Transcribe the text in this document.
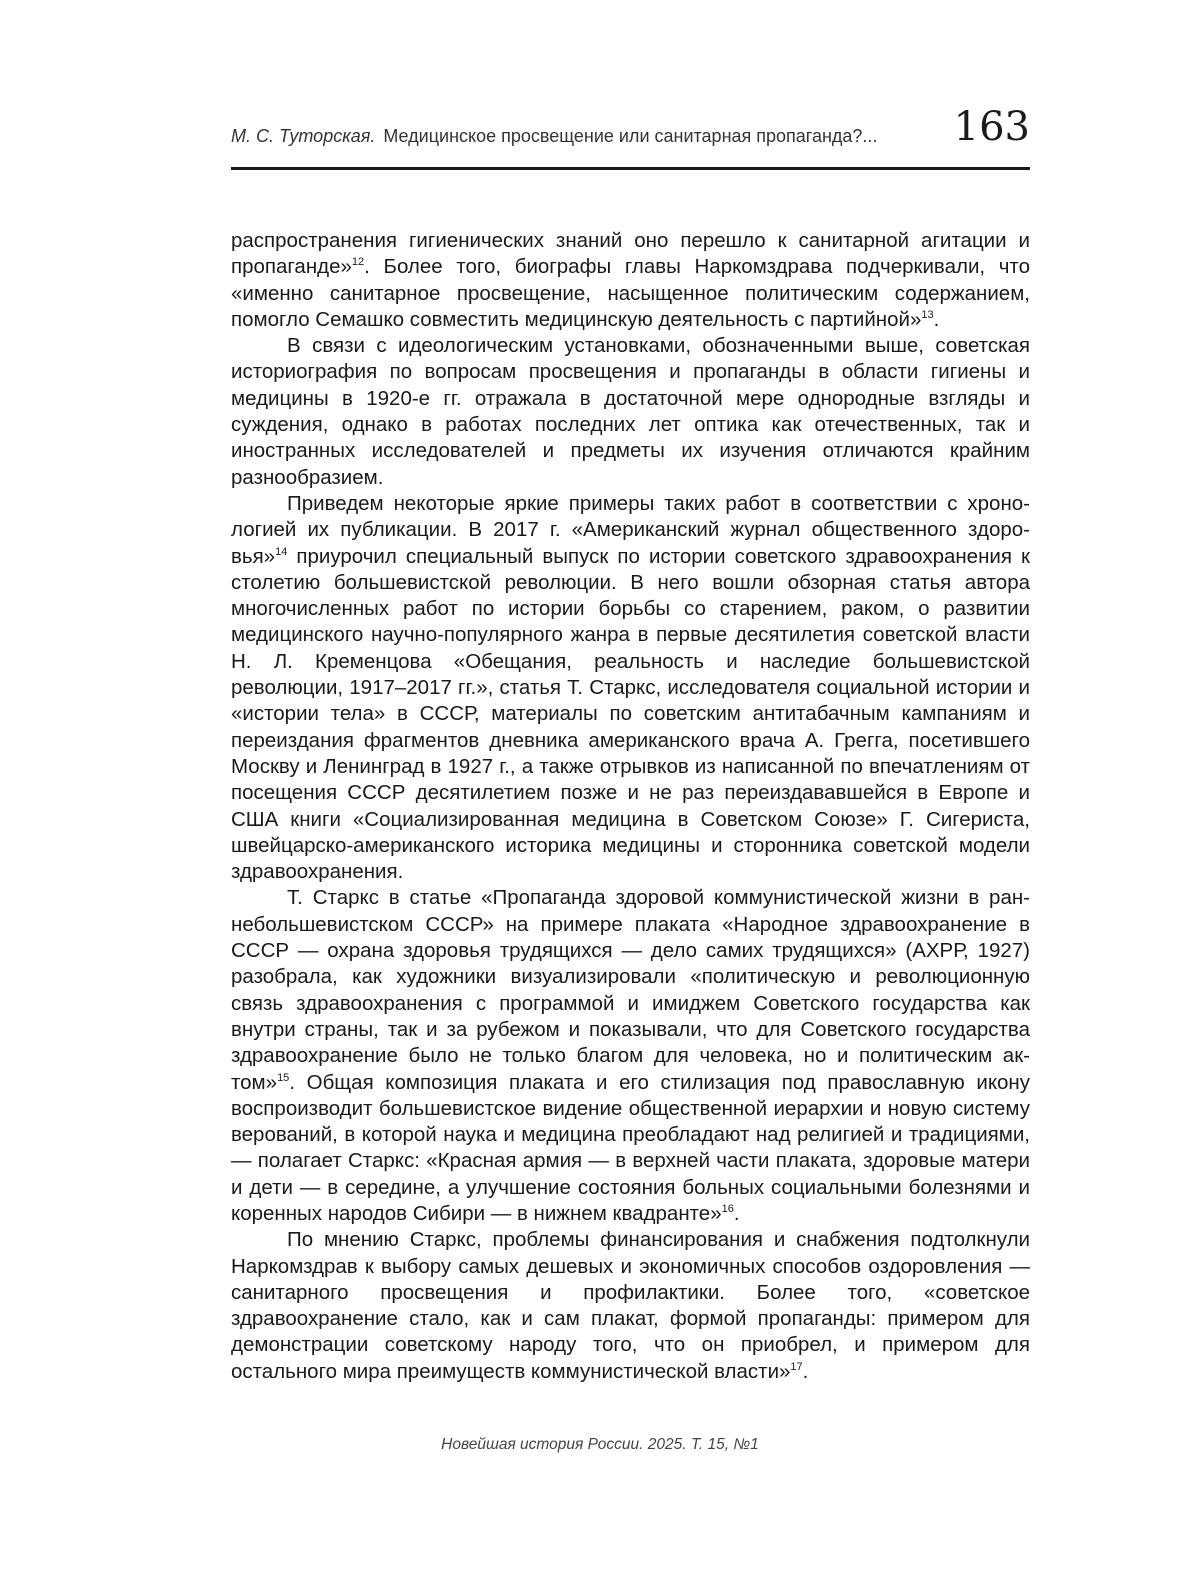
М. С. Туторская. Медицинское просвещение или санитарная пропаганда?... 163

распространения гигиенических знаний оно перешло к санитарной агитации и пропаганде»$^{12}$. Более того, биографы главы Наркомздрава подчеркивали, что «именно санитарное просвещение, насыщенное политическим содержанием, помогло Семашко совместить медицинскую деятельность с партийной»$^{13}$.

В связи с идеологическим установками, обозначенными выше, советская историография по вопросам просвещения и пропаганды в области гигиены и медицины в 1920-е гг. отражала в достаточной мере однородные взгляды и суждения, однако в работах последних лет оптика как отечественных, так и иностранных исследователей и предметы их изучения отличаются крайним разнообразием.

Приведем некоторые яркие примеры таких работ в соответствии с хронологией их публикации. В 2017 г. «Американский журнал общественного здоровья»$^{14}$ приурочил специальный выпуск по истории советского здравоохранения к столетию большевистской революции. В него вошли обзорная статья автора многочисленных работ по истории борьбы со старением, раком, о развитии медицинского научно-популярного жанра в первые десятилетия советской власти Н. Л. Кременцова «Обещания, реальность и наследие большевистской революции, 1917–2017 гг.», статья Т. Старкс, исследователя социальной истории и «истории тела» в СССР, материалы по советским антитабачным кампаниям и переиздания фрагментов дневника американского врача А. Грегга, посетившего Москву и Ленинград в 1927 г., а также отрывков из написанной по впечатлениям от посещения СССР десятилетием позже и не раз переиздававшейся в Европе и США книги «Социализированная медицина в Советском Союзе» Г. Сигериста, швейцарско-американского историка медицины и сторонника советской модели здравоохранения.

Т. Старкс в статье «Пропаганда здоровой коммунистической жизни в раннебольшевистском СССР» на примере плаката «Народное здравоохранение в СССР — охрана здоровья трудящихся — дело самих трудящихся» (АХРР, 1927) разобрала, как художники визуализировали «политическую и революционную связь здравоохранения с программой и имиджем Советского государства как внутри страны, так и за рубежом и показывали, что для Советского государства здравоохранение было не только благом для человека, но и политическим актом»$^{15}$. Общая композиция плаката и его стилизация под православную икону воспроизводит большевистское видение общественной иерархии и новую систему верований, в которой наука и медицина преобладают над религией и традициями, — полагает Старкс: «Красная армия — в верхней части плаката, здоровые матери и дети — в середине, а улучшение состояния больных социальными болезнями и коренных народов Сибири — в нижнем квадранте»$^{16}$.

По мнению Старкс, проблемы финансирования и снабжения подтолкнули Наркомздрав к выбору самых дешевых и экономичных способов оздоровления — санитарного просвещения и профилактики. Более того, «советское здравоохранение стало, как и сам плакат, формой пропаганды: примером для демонстрации советскому народу того, что он приобрел, и примером для остального мира преимуществ коммунистической власти»$^{17}$.

Новейшая история России. 2025. Т. 15, №1
